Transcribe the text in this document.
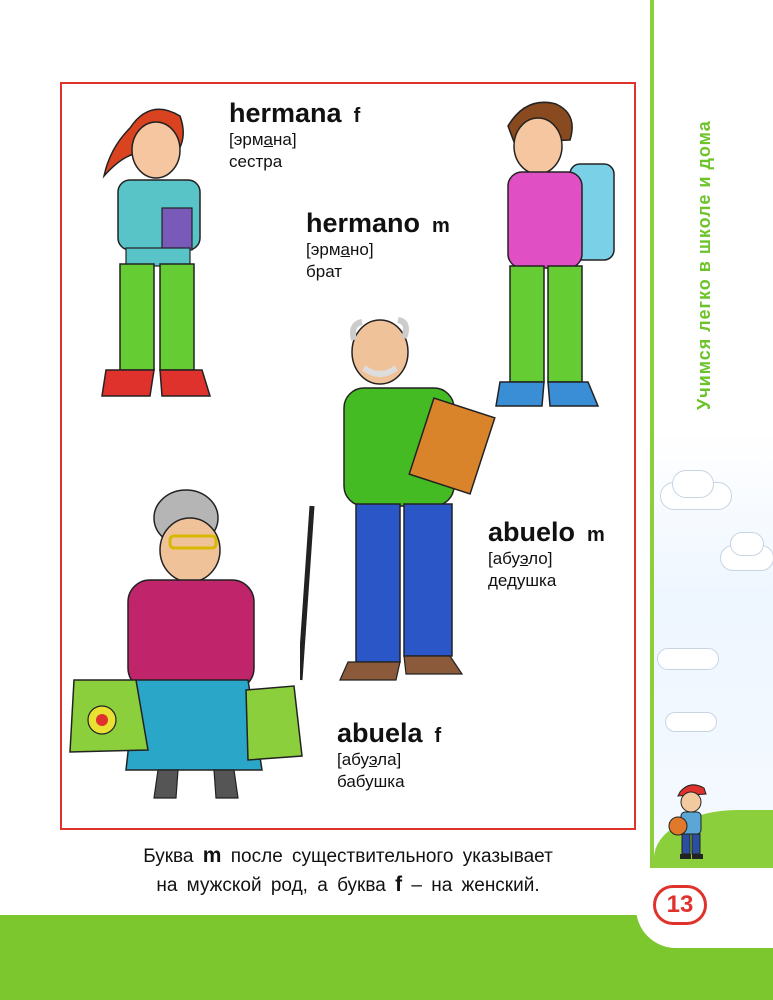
Учимся легко в школе и дома
13
hermana f
[эрмана]
сестра
hermano m
[эрмано]
брат
abuelo m
[абуэло]
дедушка
abuela f
[абуэла]
бабушка
Буква m после существительного указывает
на мужской род, а буква f – на женский.
